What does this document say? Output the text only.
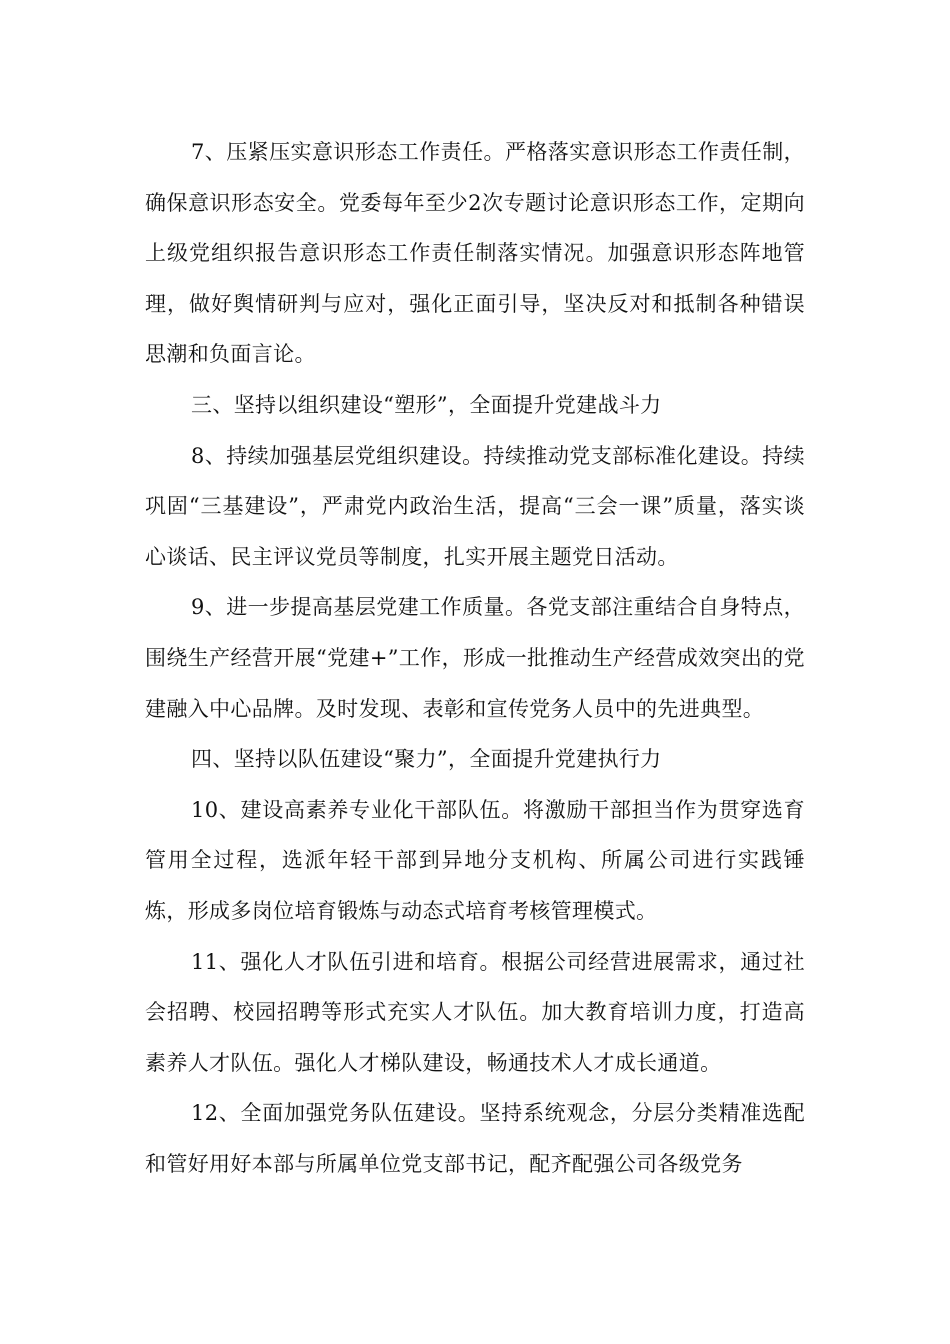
7、压紧压实意识形态工作责任。严格落实意识形态工作责任制，确保意识形态安全。党委每年至少2次专题讨论意识形态工作，定期向上级党组织报告意识形态工作责任制落实情况。加强意识形态阵地管理，做好舆情研判与应对，强化正面引导，坚决反对和抵制各种错误思潮和负面言论。

三、坚持以组织建设“塑形”，全面提升党建战斗力

8、持续加强基层党组织建设。持续推动党支部标准化建设。持续巩固“三基建设”，严肃党内政治生活，提高“三会一课”质量，落实谈心谈话、民主评议党员等制度，扎实开展主题党日活动。

9、进一步提高基层党建工作质量。各党支部注重结合自身特点，围绕生产经营开展“党建+”工作，形成一批推动生产经营成效突出的党建融入中心品牌。及时发现、表彰和宣传党务人员中的先进典型。

四、坚持以队伍建设“聚力”，全面提升党建执行力

10、建设高素养专业化干部队伍。将激励干部担当作为贯穿选育管用全过程，选派年轻干部到异地分支机构、所属公司进行实践锤炼，形成多岗位培育锻炼与动态式培育考核管理模式。

11、强化人才队伍引进和培育。根据公司经营进展需求，通过社会招聘、校园招聘等形式充实人才队伍。加大教育培训力度，打造高素养人才队伍。强化人才梯队建设，畅通技术人才成长通道。

12、全面加强党务队伍建设。坚持系统观念，分层分类精准选配和管好用好本部与所属单位党支部书记，配齐配强公司各级党务
